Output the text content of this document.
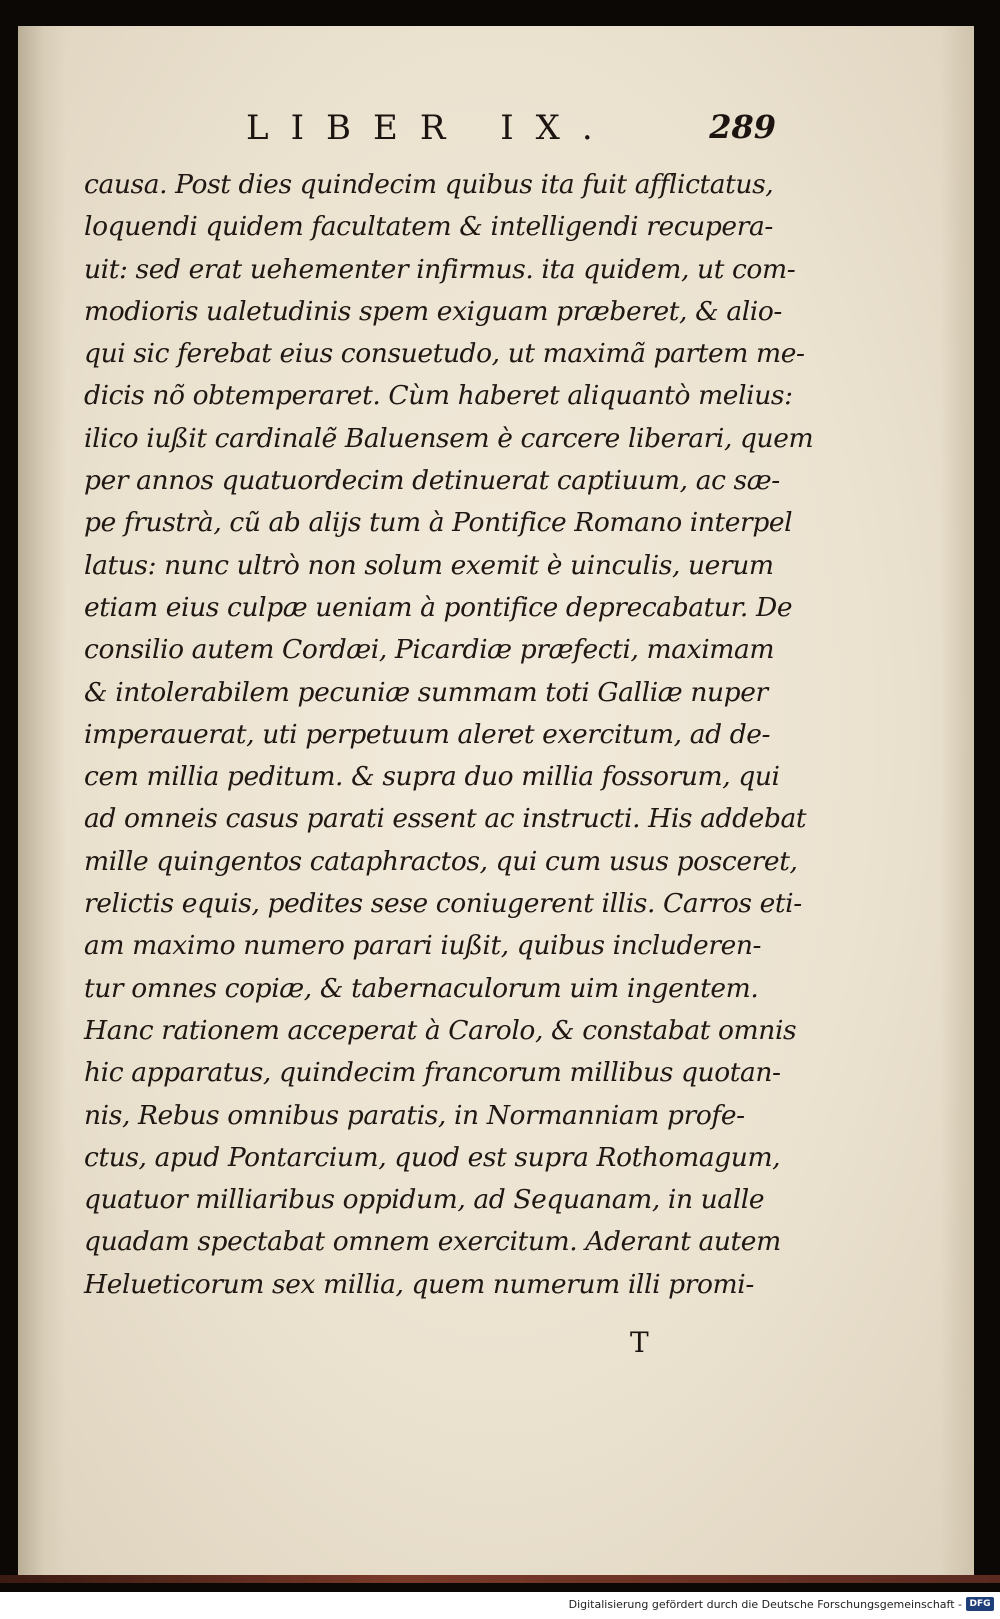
LIBER IX.	289
causa. Post dies quindecim quibus ita fuit afflictatus,
loquendi quidem facultatem & intelligendi recupera-
uit: sed erat uehementer infirmus. ita quidem, ut com-
modioris ualetudinis spem exiguam præberet, & alio-
qui sic ferebat eius consuetudo, ut maximã partem me-
dicis nõ obtemperaret. Cùm haberet aliquantò melius:
ilico iußit cardinalẽ Baluensem è carcere liberari, quem
per annos quatuordecim detinuerat captiuum, ac sæ-
pe frustrà, cũ ab alijs tum à Pontifice Romano interpel
latus: nunc ultrò non solum exemit è uinculis, uerum
etiam eius culpæ ueniam à pontifice deprecabatur. De
consilio autem Cordæi, Picardiæ præfecti, maximam
& intolerabilem pecuniæ summam toti Galliæ nuper
imperauerat, uti perpetuum aleret exercitum, ad de-
cem millia peditum. & supra duo millia fossorum, qui
ad omneis casus parati essent ac instructi. His addebat
mille quingentos cataphractos, qui cum usus posceret,
relictis equis, pedites sese coniugerent illis. Carros eti-
am maximo numero parari iußit, quibus includeren-
tur omnes copiæ, & tabernaculorum uim ingentem.
Hanc rationem acceperat à Carolo, & constabat omnis
hic apparatus, quindecim francorum millibus quotan-
nis, Rebus omnibus paratis, in Normanniam profe-
ctus, apud Pontarcium, quod est supra Rothomagum,
quatuor milliaribus oppidum, ad Sequanam, in ualle
quadam spectabat omnem exercitum. Aderant autem
Helueticorum sex millia, quem numerum illi promi-
T
Digitalisierung gefördert durch die Deutsche Forschungsgemeinschaft - DFG
